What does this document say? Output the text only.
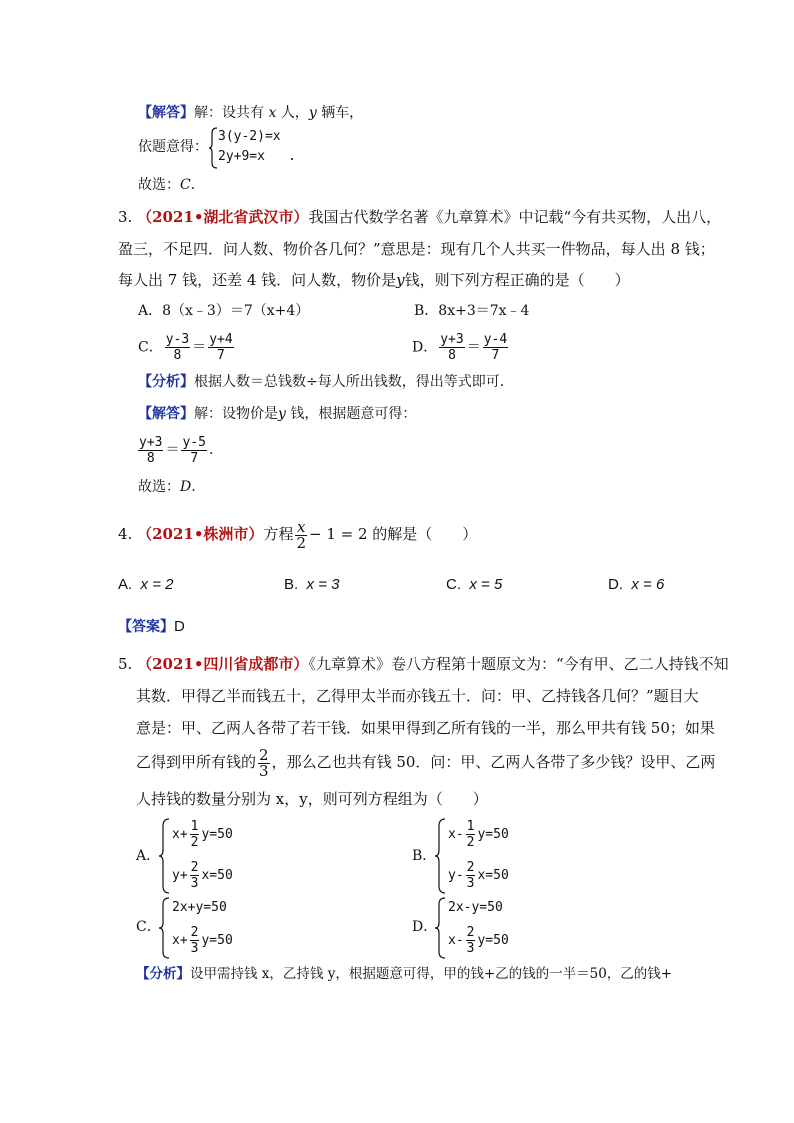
【解答】解：设共有 x 人，y 辆车，
依题意得：
3(y-2)=x
2y+9=x .
故选：C.
3. （2021•湖北省武汉市）我国古代数学名著《九章算术》中记载“今有共买物，人出八，
盈三，不足四．问人数、物价各几何？”意思是：现有几个人共买一件物品，每人出 8 钱；
每人出 7 钱，还差 4 钱．问人数，物价是y钱，则下列方程正确的是（　　）
A．8（x﹣3）＝7（x+4）	B．8x+3＝7x﹣4
C． $\frac{y-3}{8} = \frac{y+4}{7}$	D． $\frac{y+3}{8} = \frac{y-4}{7}$
【分析】根据人数＝总钱数÷每人所出钱数，得出等式即可．
【解答】解：设物价是y 钱，根据题意可得：
$\frac{y+3}{8} = \frac{y-5}{7}$ .
故选：D.
4. （2021•株洲市）方程 $\frac{x}{2} - 1 = 2$ 的解是（　　）
A. x = 2	B. x = 3	C. x = 5	D. x = 6
【答案】D
5. （2021•四川省成都市）《九章算术》卷八方程第十题原文为：“今有甲、乙二人持钱不知
其数．甲得乙半而钱五十，乙得甲太半而亦钱五十．问：甲、乙持钱各几何？”题目大
意是：甲、乙两人各带了若干钱．如果甲得到乙所有钱的一半，那么甲共有钱 50；如果
乙得到甲所有钱的 $\frac{2}{3}$ ，那么乙也共有钱 50．问：甲、乙两人各带了多少钱？设甲、乙两
人持钱的数量分别为 x，y，则可列方程组为（　　）
A．
$x+ \frac{1}{2} y=50$
$y+ \frac{2}{3} x=50$
B．
$x- \frac{1}{2} y=50$
$y- \frac{2}{3} x=50$
C．
2x+y=50
$x+ \frac{2}{3} y=50$
D．
2x-y=50
$x- \frac{2}{3} y=50$
【分析】设甲需持钱 x，乙持钱 y，根据题意可得，甲的钱+乙的钱的一半＝50，乙的钱+
